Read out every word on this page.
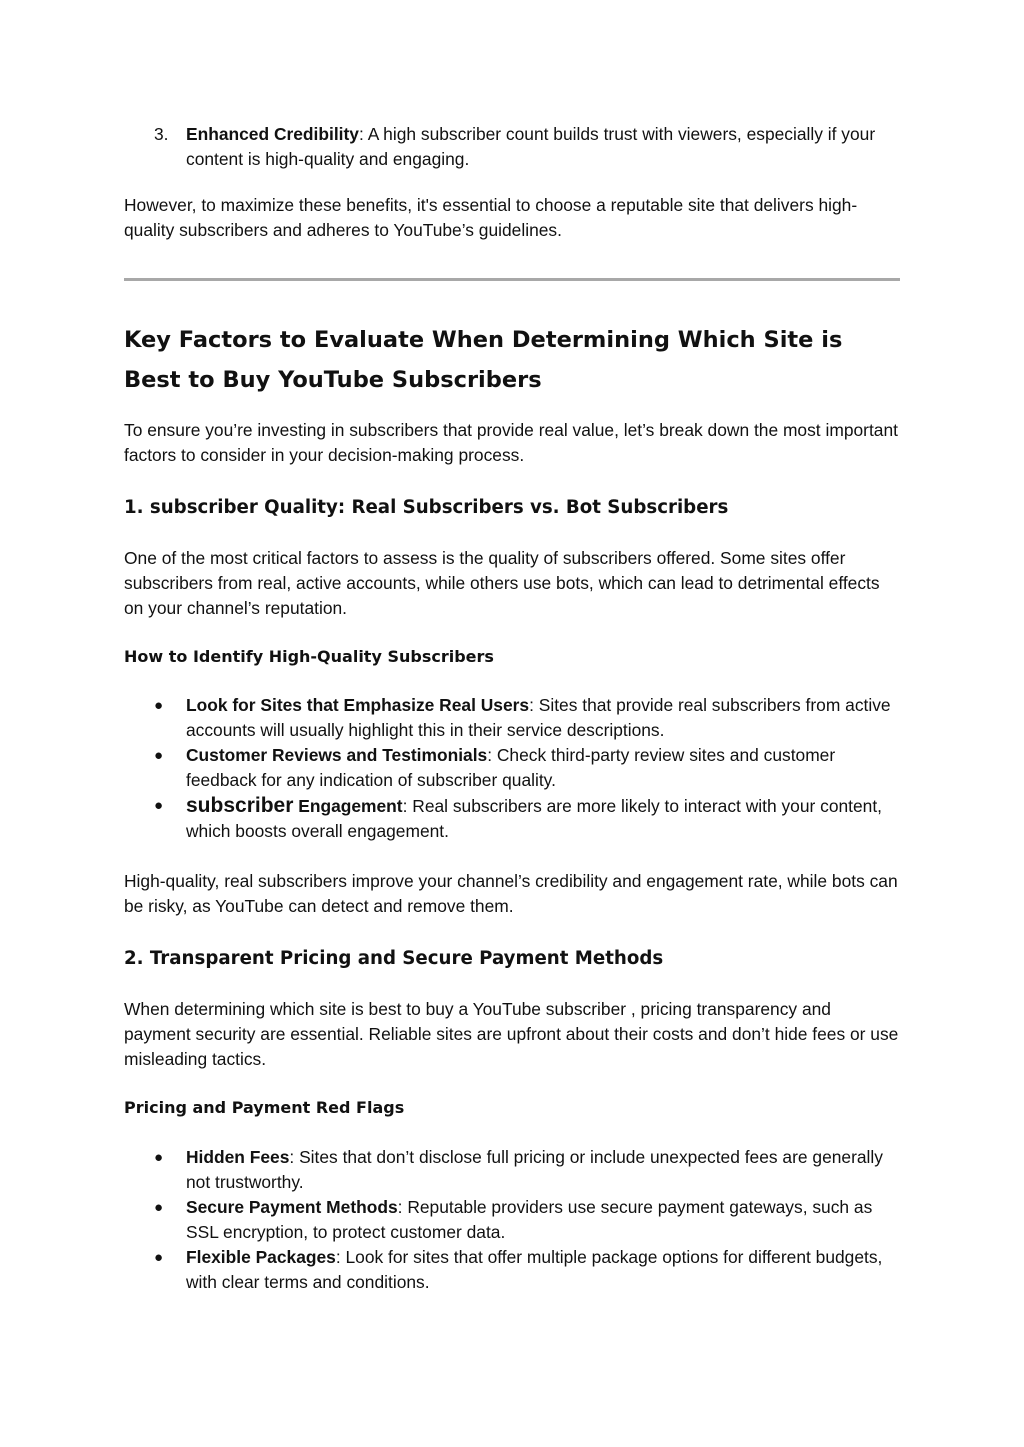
3. Enhanced Credibility: A high subscriber count builds trust with viewers, especially if your content is high-quality and engaging.

However, to maximize these benefits, it's essential to choose a reputable site that delivers high-quality subscribers and adheres to YouTube’s guidelines.

Key Factors to Evaluate When Determining Which Site is Best to Buy YouTube Subscribers

To ensure you’re investing in subscribers that provide real value, let’s break down the most important factors to consider in your decision-making process.

1. subscriber Quality: Real Subscribers vs. Bot Subscribers

One of the most critical factors to assess is the quality of subscribers offered. Some sites offer subscribers from real, active accounts, while others use bots, which can lead to detrimental effects on your channel’s reputation.

How to Identify High-Quality Subscribers
● Look for Sites that Emphasize Real Users: Sites that provide real subscribers from active accounts will usually highlight this in their service descriptions.
● Customer Reviews and Testimonials: Check third-party review sites and customer feedback for any indication of subscriber quality.
● subscriber Engagement: Real subscribers are more likely to interact with your content, which boosts overall engagement.

High-quality, real subscribers improve your channel’s credibility and engagement rate, while bots can be risky, as YouTube can detect and remove them.

2. Transparent Pricing and Secure Payment Methods

When determining which site is best to buy a YouTube subscriber , pricing transparency and payment security are essential. Reliable sites are upfront about their costs and don’t hide fees or use misleading tactics.

Pricing and Payment Red Flags
● Hidden Fees: Sites that don’t disclose full pricing or include unexpected fees are generally not trustworthy.
● Secure Payment Methods: Reputable providers use secure payment gateways, such as SSL encryption, to protect customer data.
● Flexible Packages: Look for sites that offer multiple package options for different budgets, with clear terms and conditions.
